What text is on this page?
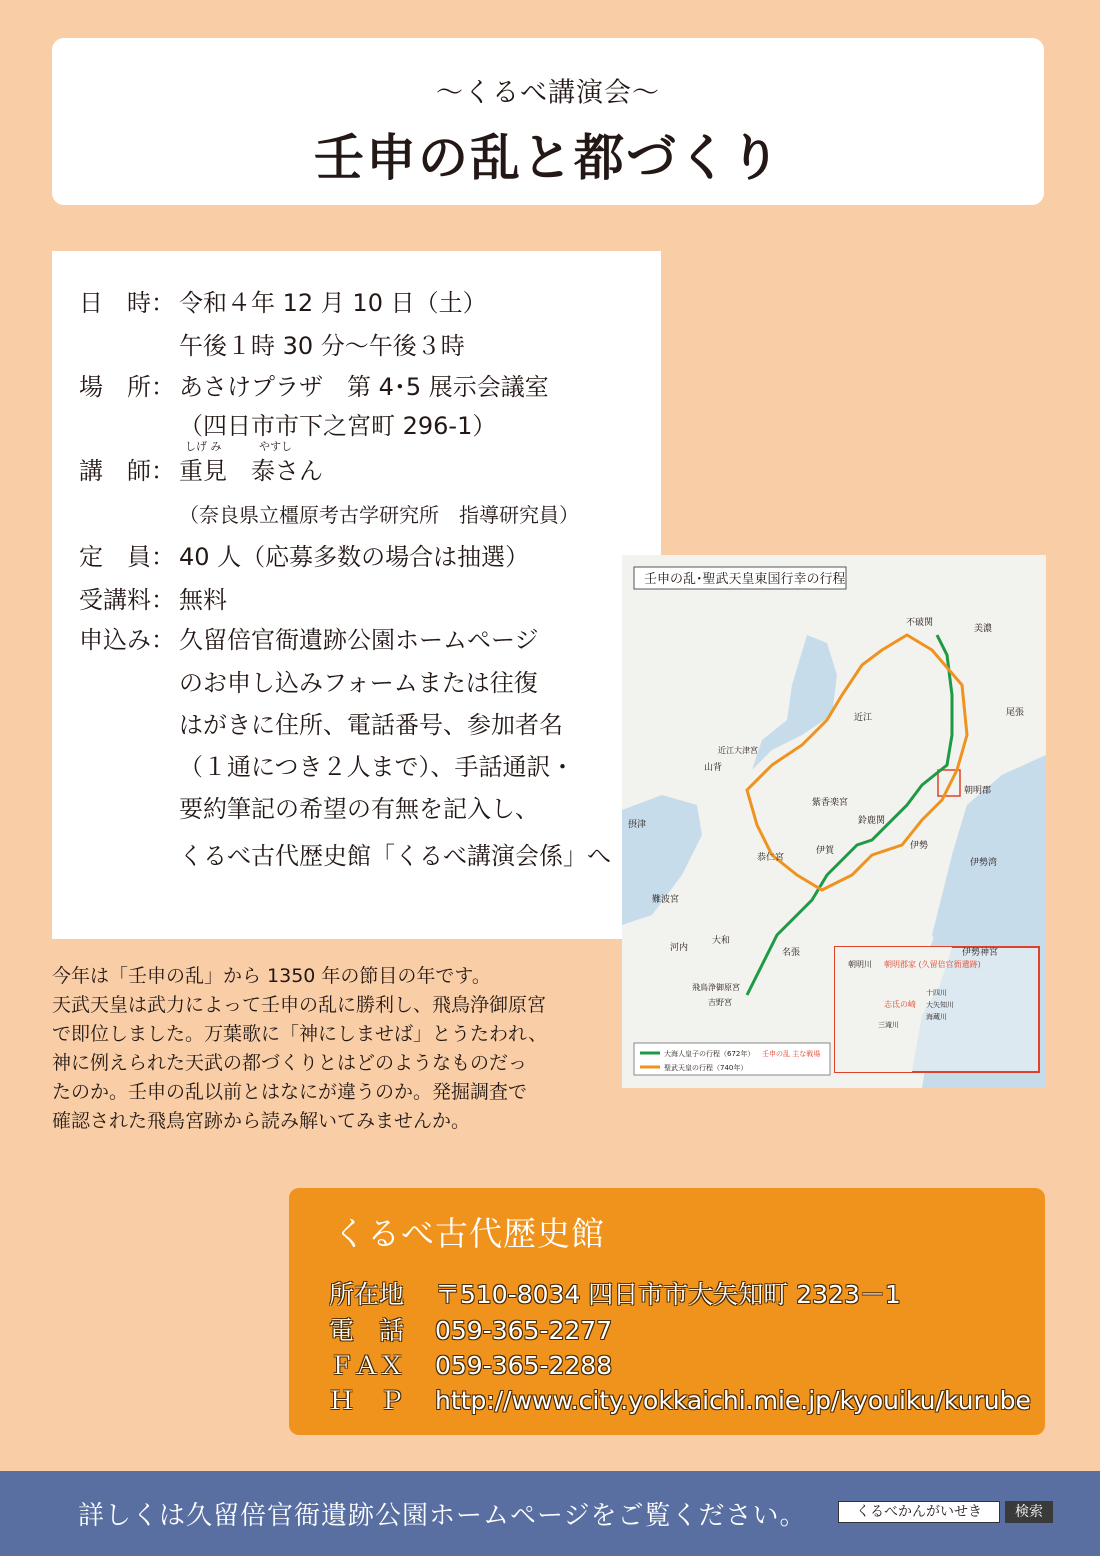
～くるべ講演会～
壬申の乱と都づくり
日　時： 令和４年 12 月 10 日（土）
午後１時 30 分～午後３時
場　所： あさけプラザ　第 4･5 展示会議室
（四日市市下之宮町 296-1）
講　師：
しげ み	やすし
重見　泰さん
（奈良県立橿原考古学研究所　指導研究員）
定　員： 40 人（応募多数の場合は抽選）
受講料： 無料
申込み： 久留倍官衙遺跡公園ホームページ
のお申し込みフォームまたは往復
はがきに住所、電話番号、参加者名
（１通につき２人まで）、手話通訳・
要約筆記の希望の有無を記入し、
くるべ古代歴史館「くるべ講演会係」へ

今年は「壬申の乱」から 1350 年の節目の年です。

天武天皇は武力によって壬申の乱に勝利し、飛鳥浄御原宮

で即位しました。万葉歌に「神にしませば」とうたわれ、

神に例えられた天武の都づくりとはどのようなものだっ

たのか。壬申の乱以前とはなにが違うのか。発掘調査で

確認された飛鳥宮跡から読み解いてみませんか。

壬申の乱･聖武天皇東国行幸の行程
不破関
近江大津宮
近江
美濃
尾張
山背
紫香楽宮
恭仁宮
摂津	鈴鹿関
朝明郡
伊賀	伊勢
伊勢湾
難波宮
河内
大和
名張
飛鳥浄御原宮
吉野宮
伊勢神宮
朝明川 朝明郡家 (久留倍官衙遺跡)
志氐の崎 大矢知川
十四川
海蔵川
三滝川
大海人皇子の行程（672年）
聖武天皇の行程（740年）
壬申の乱 主な戦場
くるべ古代歴史館
所在地	〒510-8034 四日市市大矢知町 2323－1
電　話	059-365-2277
ＦＡＸ	059-365-2288
Ｈ　Ｐ	http://www.city.yokkaichi.mie.jp/kyouiku/kurube
詳しくは久留倍官衙遺跡公園ホームページをご覧ください。	くるべかんがいせき	検索
